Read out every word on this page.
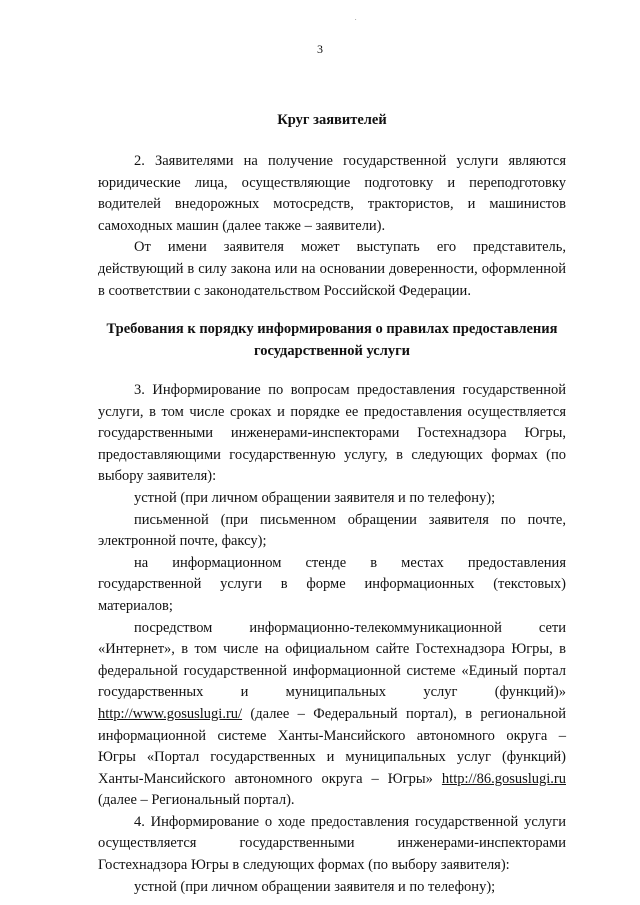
.
3
Круг заявителей

2. Заявителями на получение государственной услуги являются юридические лица, осуществляющие подготовку и переподготовку водителей внедорожных мотосредств, трактористов, и машинистов самоходных машин (далее также – заявители).

От имени заявителя может выступать его представитель, действующий в силу закона или на основании доверенности, оформленной в соответствии с законодательством Российской Федерации.

Требования к порядку информирования о правилах предоставления государственной услуги

3. Информирование по вопросам предоставления государственной услуги, в том числе сроках и порядке ее предоставления осуществляется государственными инженерами-инспекторами Гостехнадзора Югры, предоставляющими государственную услугу, в следующих формах (по выбору заявителя):

устной (при личном обращении заявителя и по телефону);

письменной (при письменном обращении заявителя по почте, электронной почте, факсу);

на информационном стенде в местах предоставления государственной услуги в форме информационных (текстовых) материалов;

посредством информационно-телекоммуникационной сети «Интернет», в том числе на официальном сайте Гостехнадзора Югры, в федеральной государственной информационной системе «Единый портал государственных и муниципальных услуг (функций)» http://www.gosuslugi.ru/ (далее – Федеральный портал), в региональной информационной системе Ханты-Мансийского автономного округа – Югры «Портал государственных и муниципальных услуг (функций) Ханты-Мансийского автономного округа – Югры» http://86.gosuslugi.ru (далее – Региональный портал).

4. Информирование о ходе предоставления государственной услуги осуществляется государственными инженерами-инспекторами Гостехнадзора Югры в следующих формах (по выбору заявителя):

устной (при личном обращении заявителя и по телефону);
